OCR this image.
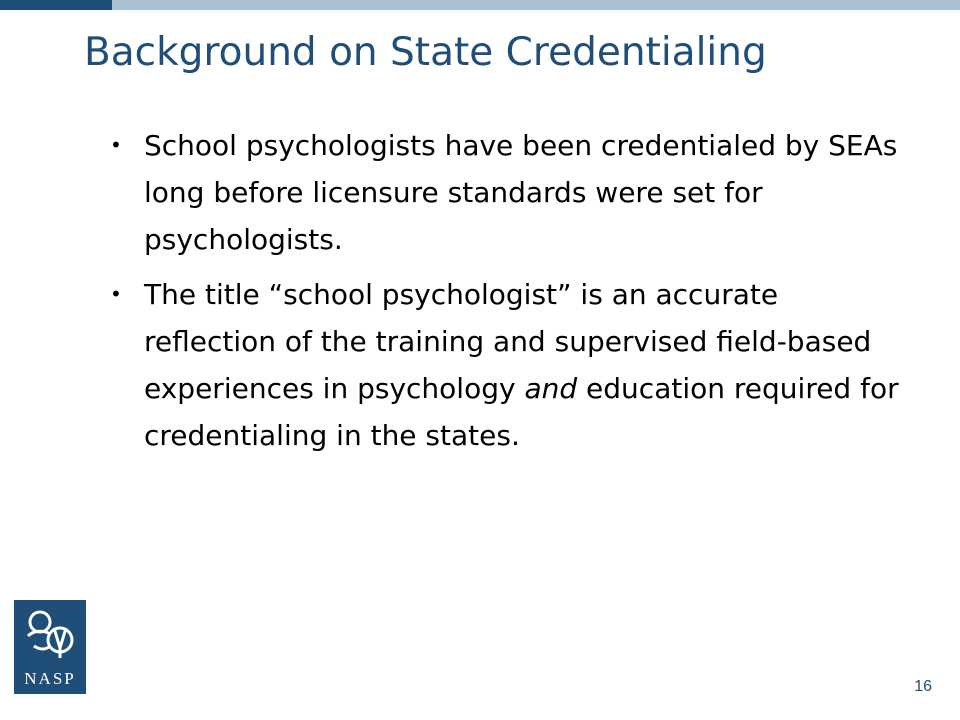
Background on State Credentialing
• School psychologists have been credentialed by SEAs long before licensure standards were set for psychologists.
• The title “school psychologist” is an accurate reflection of the training and supervised field-based experiences in psychology and education required for credentialing in the states.
NASP	16
